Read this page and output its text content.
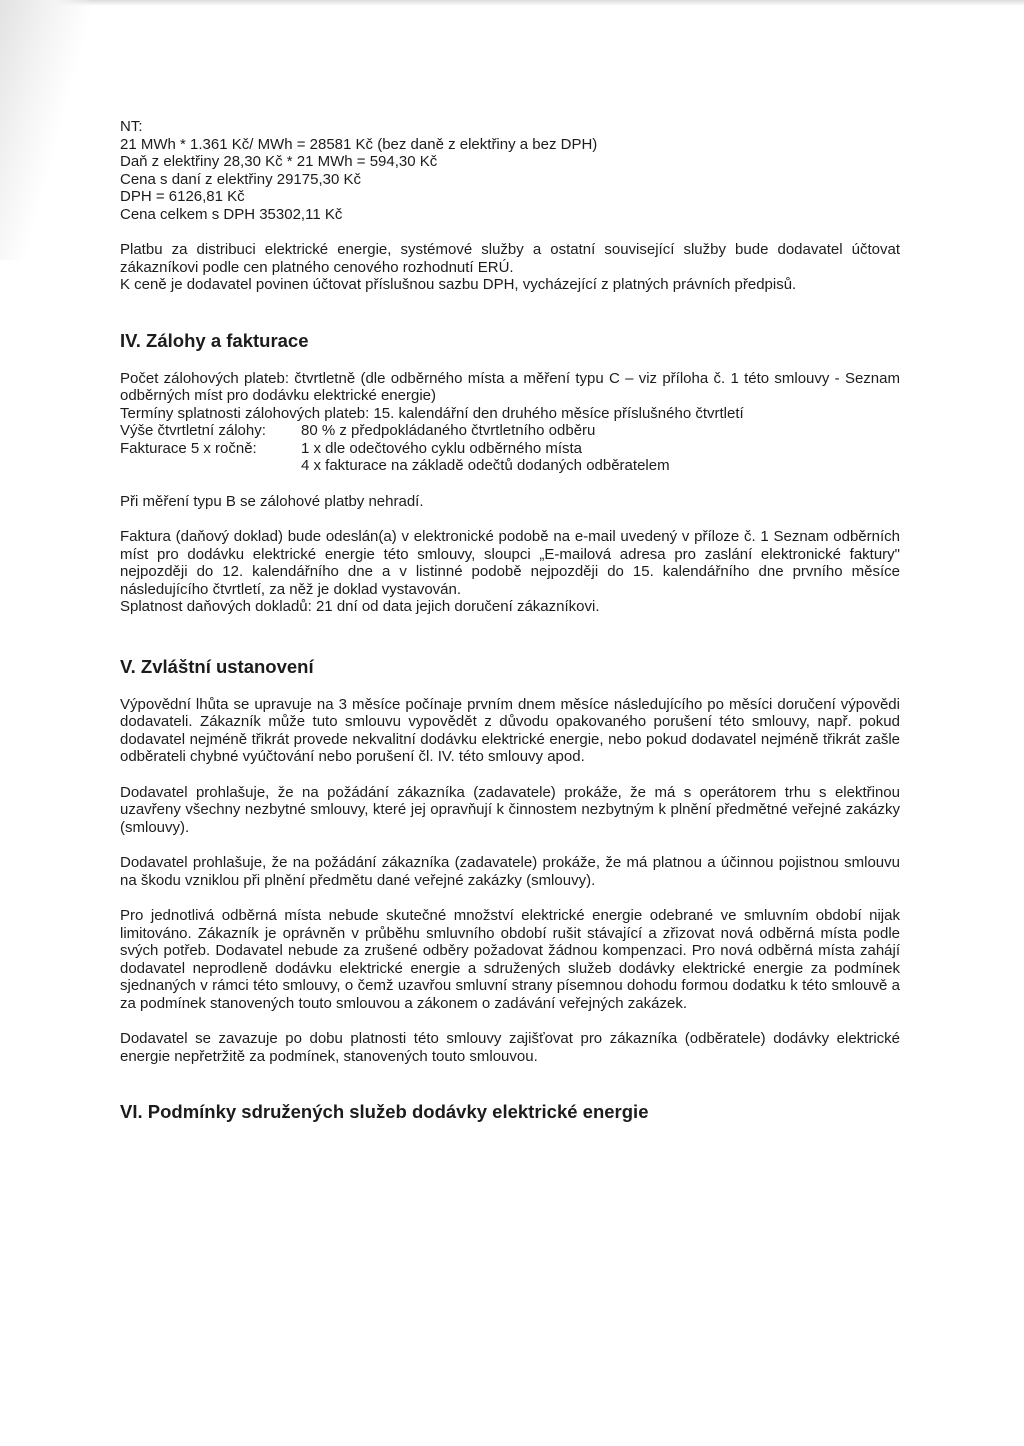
NT:
21 MWh * 1.361 Kč/ MWh = 28581 Kč (bez daně z elektřiny a bez DPH)
Daň z elektřiny 28,30 Kč * 21 MWh = 594,30 Kč
Cena s daní z elektřiny 29175,30 Kč
DPH = 6126,81 Kč
Cena celkem s DPH 35302,11 Kč

Platbu za distribuci elektrické energie, systémové služby a ostatní související služby bude dodavatel účtovat zákazníkovi podle cen platného cenového rozhodnutí ERÚ.

K ceně je dodavatel povinen účtovat příslušnou sazbu DPH, vycházející z platných právních předpisů.

IV. Zálohy a fakturace

Počet zálohových plateb: čtvrtletně (dle odběrného místa a měření typu C – viz příloha č. 1 této smlouvy - Seznam odběrných míst pro dodávku elektrické energie)

Termíny splatnosti zálohových plateb: 15. kalendářní den druhého měsíce příslušného čtvrtletí
Výše čtvrtletní zálohy:	80 % z předpokládaného čtvrtletního odběru
Fakturace 5 x ročně:	1 x dle odečtového cyklu odběrného místa
4 x fakturace na základě odečtů dodaných odběratelem
Při měření typu B se zálohové platby nehradí.

Faktura (daňový doklad) bude odeslán(a) v elektronické podobě na e-mail uvedený v příloze č. 1 Seznam odběrních míst pro dodávku elektrické energie této smlouvy, sloupci „E-mailová adresa pro zaslání elektronické faktury" nejpozději do 12. kalendářního dne a v listinné podobě nejpozději do 15. kalendářního dne prvního měsíce následujícího čtvrtletí, za něž je doklad vystavován.

Splatnost daňových dokladů: 21 dní od data jejich doručení zákazníkovi.
V. Zvláštní ustanovení

Výpovědní lhůta se upravuje na 3 měsíce počínaje prvním dnem měsíce následujícího po měsíci doručení výpovědi dodavateli. Zákazník může tuto smlouvu vypovědět z důvodu opakovaného porušení této smlouvy, např. pokud dodavatel nejméně třikrát provede nekvalitní dodávku elektrické energie, nebo pokud dodavatel nejméně třikrát zašle odběrateli chybné vyúčtování nebo porušení čl. IV. této smlouvy apod.

Dodavatel prohlašuje, že na požádání zákazníka (zadavatele) prokáže, že má s operátorem trhu s elektřinou uzavřeny všechny nezbytné smlouvy, které jej opravňují k činnostem nezbytným k plnění předmětné veřejné zakázky (smlouvy).

Dodavatel prohlašuje, že na požádání zákazníka (zadavatele) prokáže, že má platnou a účinnou pojistnou smlouvu na škodu vzniklou při plnění předmětu dané veřejné zakázky (smlouvy).

Pro jednotlivá odběrná místa nebude skutečné množství elektrické energie odebrané ve smluvním období nijak limitováno. Zákazník je oprávněn v průběhu smluvního období rušit stávající a zřizovat nová odběrná místa podle svých potřeb. Dodavatel nebude za zrušené odběry požadovat žádnou kompenzaci. Pro nová odběrná místa zahájí dodavatel neprodleně dodávku elektrické energie a sdružených služeb dodávky elektrické energie za podmínek sjednaných v rámci této smlouvy, o čemž uzavřou smluvní strany písemnou dohodu formou dodatku k této smlouvě a za podmínek stanovených touto smlouvou a zákonem o zadávání veřejných zakázek.

Dodavatel se zavazuje po dobu platnosti této smlouvy zajišťovat pro zákazníka (odběratele) dodávky elektrické energie nepřetržitě za podmínek, stanovených touto smlouvou.

VI. Podmínky sdružených služeb dodávky elektrické energie
